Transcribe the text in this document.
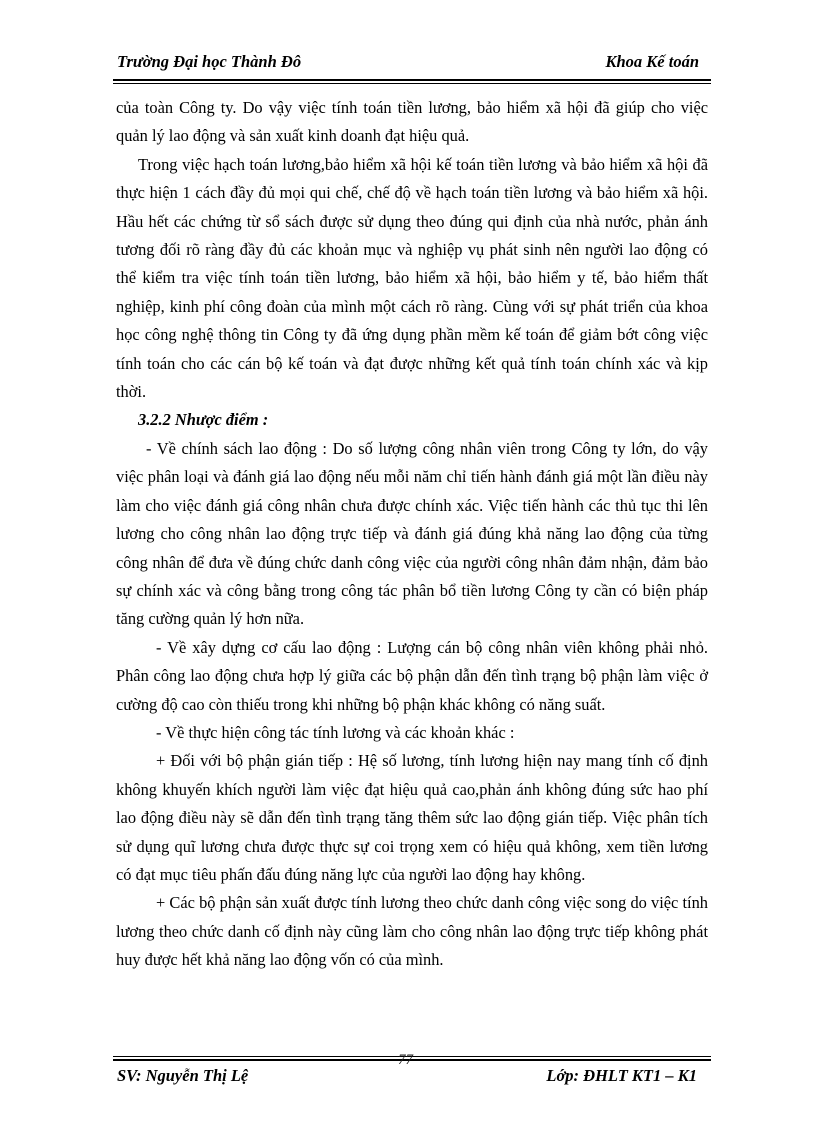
Trường Đại học Thành Đô	Khoa Kế toán

của toàn Công ty. Do vậy việc tính toán tiền lương, bảo hiểm xã hội đã giúp cho việc quản lý lao động và sản xuất kinh doanh đạt hiệu quả.

Trong việc hạch toán lương,bảo hiểm xã hội kế toán tiền lương và bảo hiểm xã hội đã thực hiện 1 cách đầy đủ mọi qui chế, chế độ về hạch toán tiền lương và bảo hiểm xã hội. Hầu hết các chứng từ sổ sách được sử dụng theo đúng qui định của nhà nước, phản ánh tương đối rõ ràng đầy đủ các khoản mục và nghiệp vụ phát sinh nên người lao động có thể kiểm tra việc tính toán tiền lương, bảo hiểm xã hội, bảo hiểm y tế, bảo hiểm thất nghiệp, kinh phí công đoàn của mình một cách rõ ràng. Cùng với sự phát triển của khoa học công nghệ thông tin Công ty đã ứng dụng phần mềm kế toán để giảm bớt công việc tính toán cho các cán bộ kế toán và đạt được những kết quả tính toán chính xác và kịp thời.

3.2.2 Nhược điểm :

- Về chính sách lao động : Do số lượng công nhân viên trong Công ty lớn, do vậy việc phân loại và đánh giá lao động nếu mỗi năm chỉ tiến hành đánh giá một lần điều này làm cho việc đánh giá công nhân chưa được chính xác. Việc tiến hành các thủ tục thi lên lương cho công nhân lao động trực tiếp và đánh giá đúng khả năng lao động của từng công nhân để đưa về đúng chức danh công việc của người công nhân đảm nhận, đảm bảo sự chính xác và công bằng trong công tác phân bổ tiền lương Công ty cần có biện pháp tăng cường quản lý hơn nữa.

- Về xây dựng cơ cấu lao động : Lượng cán bộ công nhân viên không phải nhỏ. Phân công lao động chưa hợp lý giữa các bộ phận dẫn đến tình trạng bộ phận làm việc ở cường độ cao còn thiếu trong khi những bộ phận khác không có năng suất.

- Về thực hiện công tác tính lương và các khoản khác :

+ Đối với bộ phận gián tiếp : Hệ số lương, tính lương hiện nay mang tính cố định không khuyến khích người làm việc đạt hiệu quả cao,phản ánh không đúng sức hao phí lao động điều này sẽ dẫn đến tình trạng tăng thêm sức lao động gián tiếp. Việc phân tích sử dụng quĩ lương chưa được thực sự coi trọng xem có hiệu quả không, xem tiền lương có đạt mục tiêu phấn đấu đúng năng lực của người lao động hay không.

+ Các bộ phận sản xuất được tính lương theo chức danh công việc song do việc tính lương theo chức danh cố định này cũng làm cho công nhân lao động trực tiếp không phát huy được hết khả năng lao động vốn có của mình.

77
SV: Nguyễn Thị Lệ	Lớp: ĐHLT KT1 – K1
